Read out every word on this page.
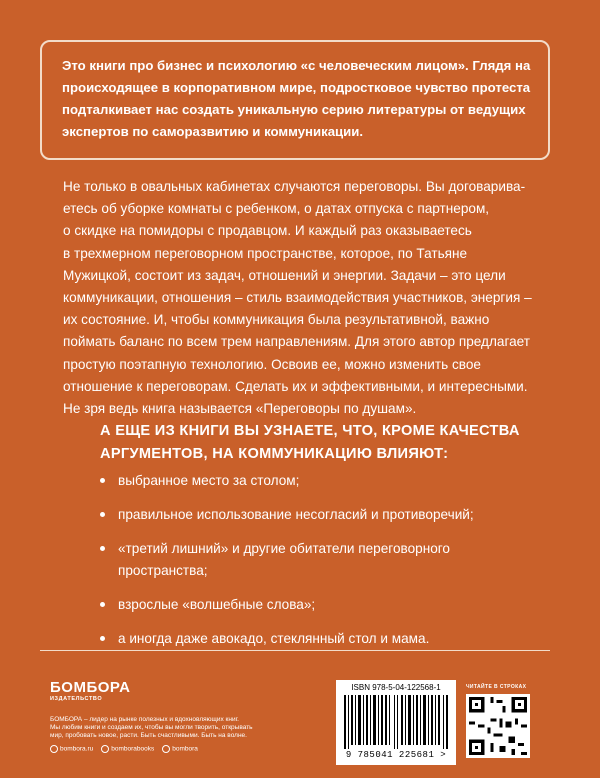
Это книги про бизнес и психологию «с человеческим лицом». Глядя на
происходящее в корпоративном мире, подростковое чувство протеста
подталкивает нас создать уникальную серию литературы от ведущих
экспертов по саморазвитию и коммуникации.

Не только в овальных кабинетах случаются переговоры. Вы договарива-

етесь об уборке комнаты с ребенком, о датах отпуска с партнером,

о скидке на помидоры с продавцом. И каждый раз оказываетесь

в трехмерном переговорном пространстве, которое, по Татьяне

Мужицкой, состоит из задач, отношений и энергии. Задачи – это цели

коммуникации, отношения – стиль взаимодействия участников, энергия –

их состояние. И, чтобы коммуникация была результативной, важно

поймать баланс по всем трем направлениям. Для этого автор предлагает

простую поэтапную технологию. Освоив ее, можно изменить свое

отношение к переговорам. Сделать их и эффективными, и интересными.

Не зря ведь книга называется «Переговоры по душам».

А ЕЩЕ ИЗ КНИГИ ВЫ УЗНАЕТЕ, ЧТО, КРОМЕ КАЧЕСТВА
АРГУМЕНТОВ, НА КОММУНИКАЦИЮ ВЛИЯЮТ:
выбранное место за столом;
правильное использование несогласий и противоречий;
«третий лишний» и другие обитатели переговорного пространства;
взрослые «волшебные слова»;
а иногда даже авокадо, стеклянный стол и мама.
БОМБОРА
ИЗДАТЕЛЬСТВО
БОМБОРА – лидер на рынке полезных и вдохновляющих книг.
Мы любим книги и создаем их, чтобы вы могли творить, открывать
мир, пробовать новое, расти. Быть счастливыми. Быть на волне.
bombora.ru	bomborabooks	bombora
ISBN 978-5-04-122568-1
9 785041 225681 >
ЧИТАЙТЕ В СТРОКАХ
